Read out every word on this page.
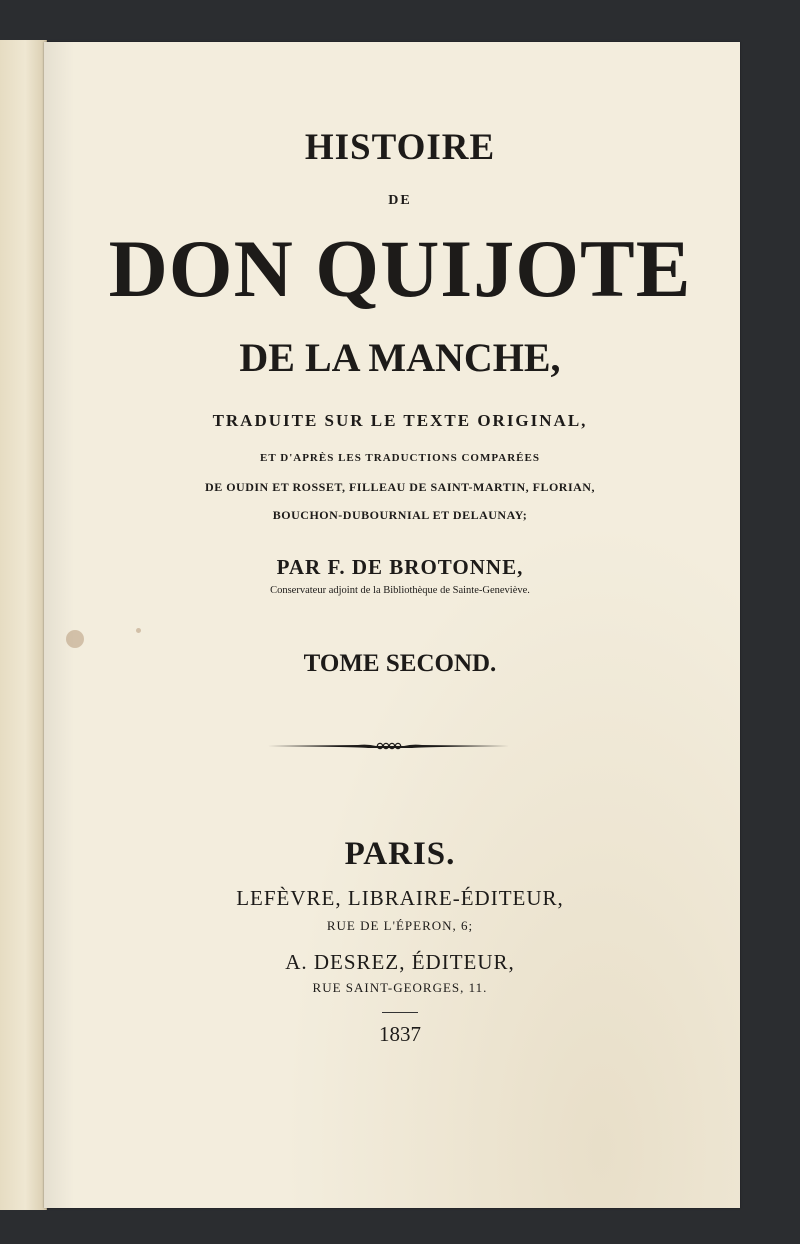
HISTOIRE
DE
DON QUIJOTE
DE LA MANCHE,
TRADUITE SUR LE TEXTE ORIGINAL,
ET D'APRÈS LES TRADUCTIONS COMPARÉES
DE OUDIN ET ROSSET, FILLEAU DE SAINT-MARTIN, FLORIAN,
BOUCHON-DUBOURNIAL ET DELAUNAY;
PAR F. DE BROTONNE,
Conservateur adjoint de la Bibliothèque de Sainte-Geneviève.
TOME SECOND.
PARIS.
LEFÈVRE, LIBRAIRE-ÉDITEUR,
RUE DE L'ÉPERON, 6;
A. DESREZ, ÉDITEUR,
RUE SAINT-GEORGES, 11.
1837
